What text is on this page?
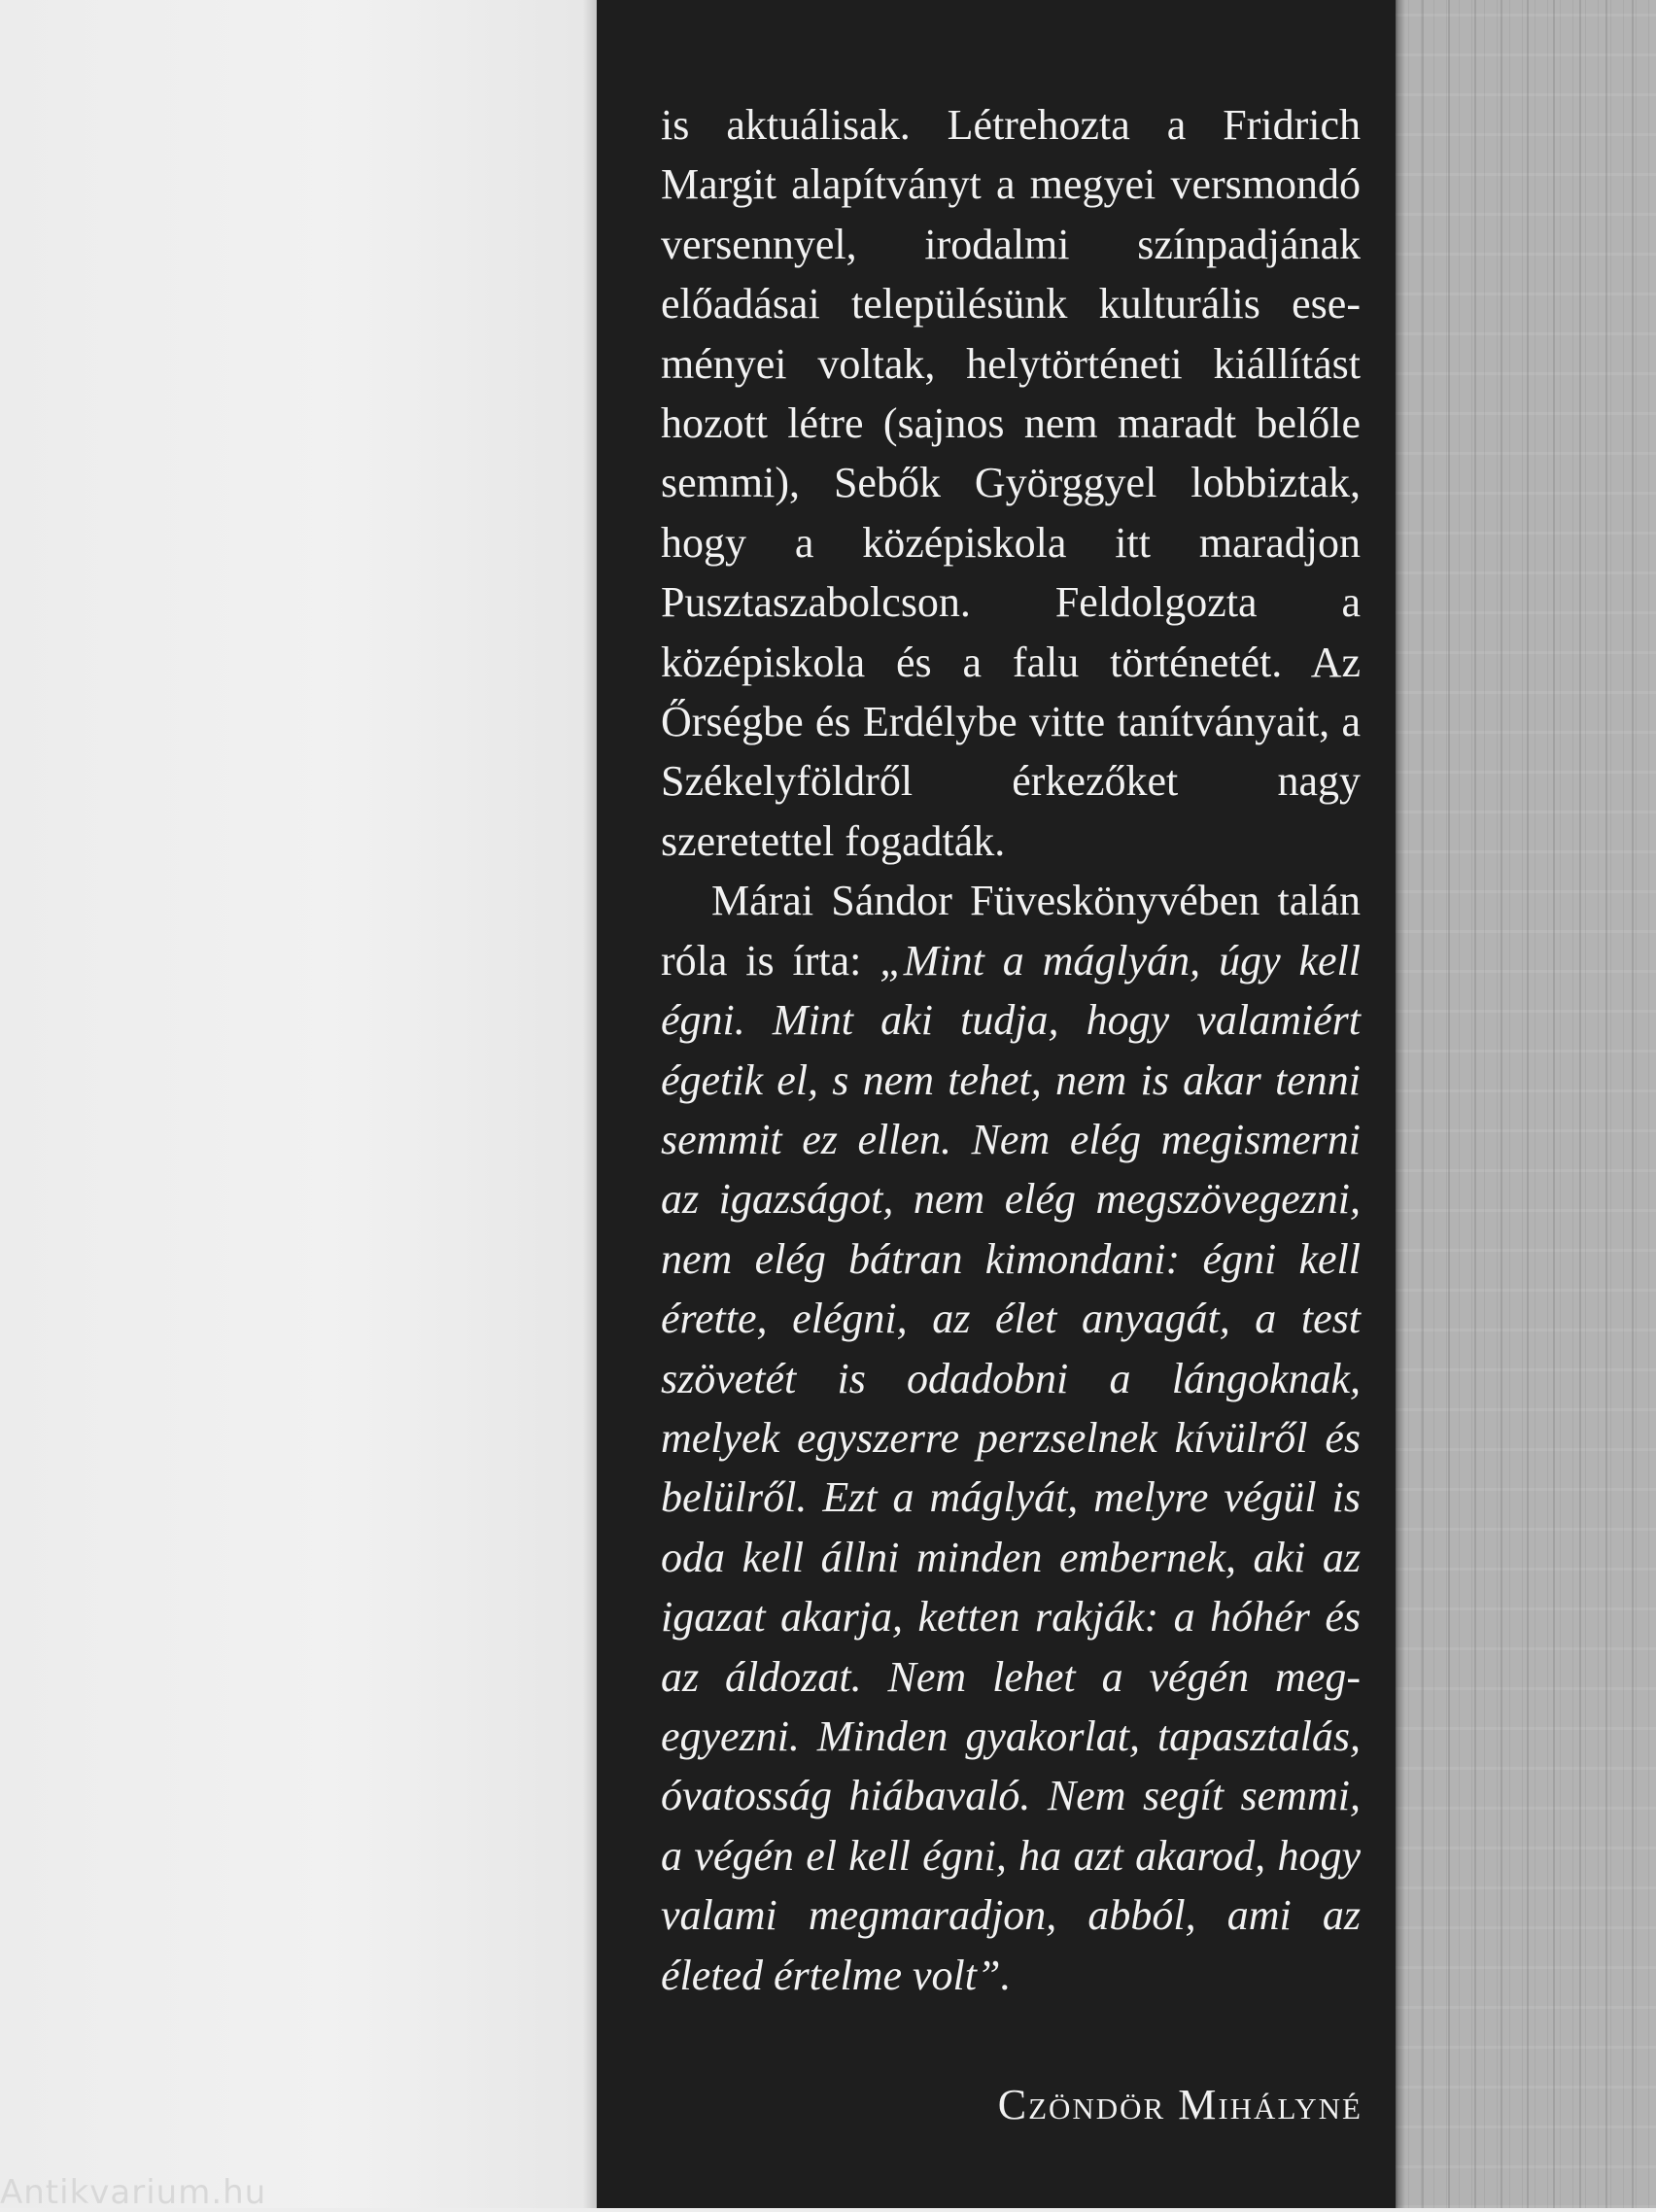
Antikvarium.hu

is aktuálisak. Létrehozta a Fridrich Margit alapítványt a megyei versmondó versennyel, irodalmi színpadjának előadásai településünk kulturális eseményei voltak, helytörténeti kiállítást hozott létre (sajnos nem maradt belőle semmi), Sebők Györggyel lobbiztak, hogy a középiskola itt maradjon Pusztaszabolcson. Feldolgozta a középiskola és a falu történetét. Az Őrségbe és Erdélybe vitte tanítványait, a Székelyföldről érkezőket nagy szeretettel fogadták.

Márai Sándor Füveskönyvében talán róla is írta: „Mint a máglyán, úgy kell égni. Mint aki tudja, hogy valamiért égetik el, s nem tehet, nem is akar tenni semmit ez ellen. Nem elég megismerni az igazságot, nem elég megszövegezni, nem elég bátran kimondani: égni kell érette, elégni, az élet anyagát, a test szövetét is odadobni a lángoknak, melyek egyszerre perzselnek kívülről és belülről. Ezt a máglyát, melyre végül is oda kell állni minden embernek, aki az igazat akarja, ketten rakják: a hóhér és az áldozat. Nem lehet a végén megegyezni. Minden gyakorlat, tapasztalás, óvatosság hiábavaló. Nem segít semmi, a végén el kell égni, ha azt akarod, hogy valami megmaradjon, abból, ami az életed értelme volt”.

Czöndör Mihályné
